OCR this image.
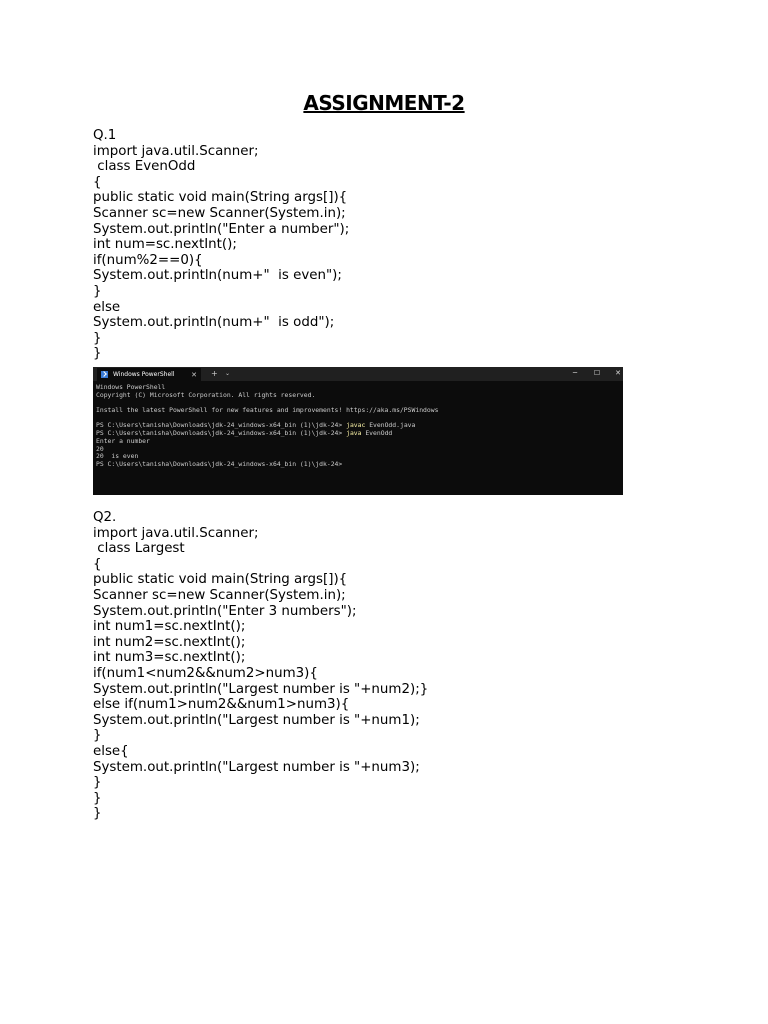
ASSIGNMENT-2
Q.1
import java.util.Scanner;
class EvenOdd
{
public static void main(String args[]){
Scanner sc=new Scanner(System.in);
System.out.println("Enter a number");
int num=sc.nextInt();
if(num%2==0){
System.out.println(num+"  is even");
}
else
System.out.println(num+"  is odd");
}
}
Windows PowerShell	✕ + ⌄	─	☐	✕
Windows PowerShell
Copyright (C) Microsoft Corporation. All rights reserved.
Install the latest PowerShell for new features and improvements! https://aka.ms/PSWindows
PS C:\Users\tanisha\Downloads\jdk-24_windows-x64_bin (1)\jdk-24> javac EvenOdd.java
PS C:\Users\tanisha\Downloads\jdk-24_windows-x64_bin (1)\jdk-24> java EvenOdd
Enter a number
20
20  is even
PS C:\Users\tanisha\Downloads\jdk-24_windows-x64_bin (1)\jdk-24>
Q2.
import java.util.Scanner;
class Largest
{
public static void main(String args[]){
Scanner sc=new Scanner(System.in);
System.out.println("Enter 3 numbers");
int num1=sc.nextInt();
int num2=sc.nextInt();
int num3=sc.nextInt();
if(num1<num2&&num2>num3){
System.out.println("Largest number is "+num2);}
else if(num1>num2&&num1>num3){
System.out.println("Largest number is "+num1);
}
else{
System.out.println("Largest number is "+num3);
}
}
}
